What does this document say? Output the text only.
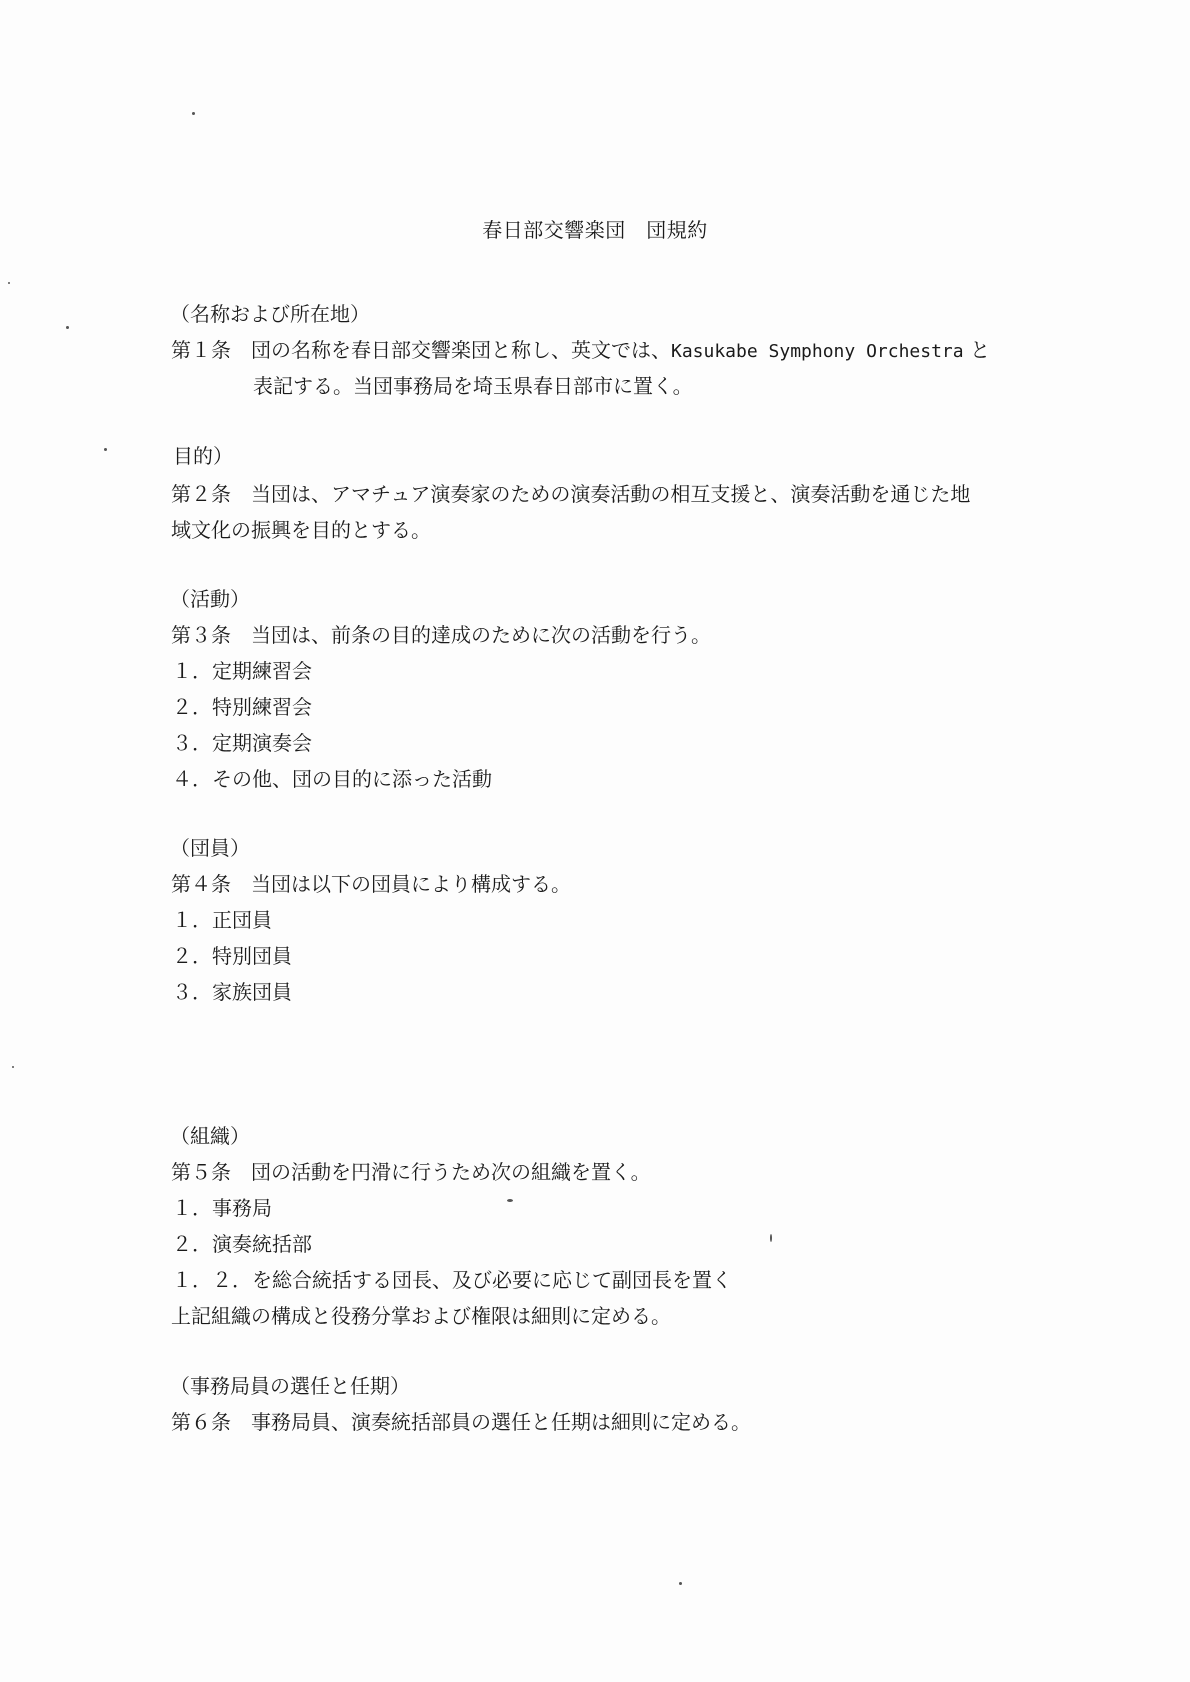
春日部交響楽団　団規約
（名称および所在地）
第１条　団の名称を春日部交響楽団と称し、英文では、Kasukabe Symphony Orchestra と
表記する。当団事務局を埼玉県春日部市に置く。
目的）
第２条　当団は、アマチュア演奏家のための演奏活動の相互支援と、演奏活動を通じた地
域文化の振興を目的とする。
（活動）
第３条　当団は、前条の目的達成のために次の活動を行う。
１．定期練習会
２．特別練習会
３．定期演奏会
４．その他、団の目的に添った活動
（団員）
第４条　当団は以下の団員により構成する。
１．正団員
２．特別団員
３．家族団員
（組織）
第５条　団の活動を円滑に行うため次の組織を置く。
１．事務局
２．演奏統括部
１．２．を総合統括する団長、及び必要に応じて副団長を置く
上記組織の構成と役務分掌および権限は細則に定める。
（事務局員の選任と任期）
第６条　事務局員、演奏統括部員の選任と任期は細則に定める。
